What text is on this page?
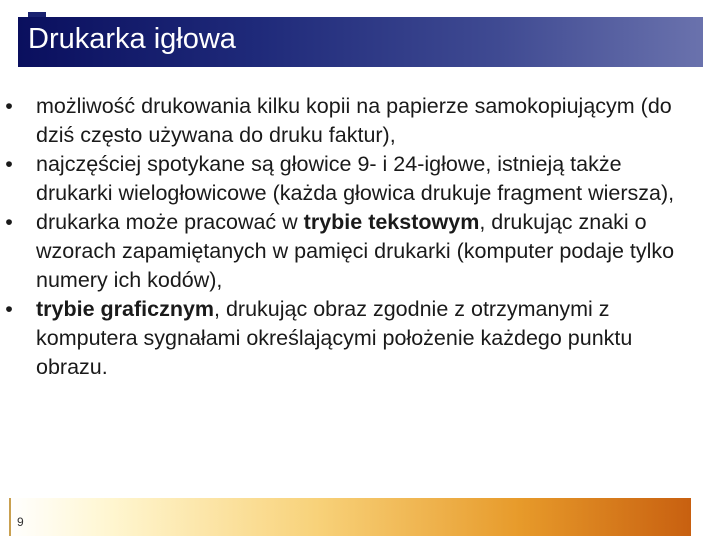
Drukarka igłowa
• możliwość drukowania kilku kopii na papierze samokopiującym (do dziś często używana do druku faktur),
• najczęściej spotykane są głowice 9- i 24-igłowe, istnieją także drukarki wielogłowicowe (każda głowica drukuje fragment wiersza),
• drukarka może pracować w trybie tekstowym, drukując znaki o wzorach zapamiętanych w pamięci drukarki (komputer podaje tylko numery ich kodów),
• trybie graficznym, drukując obraz zgodnie z otrzymanymi z komputera sygnałami określającymi położenie każdego punktu obrazu.
9
